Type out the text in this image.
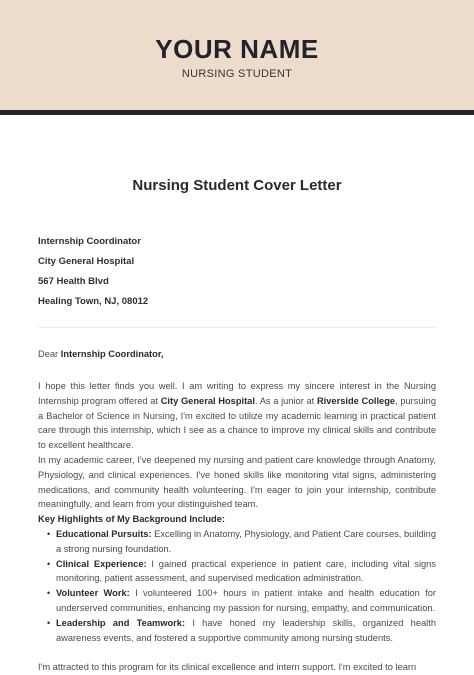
YOUR NAME
NURSING STUDENT
Nursing Student Cover Letter
Internship Coordinator
City General Hospital
567 Health Blvd
Healing Town, NJ, 08012
Dear Internship Coordinator,
I hope this letter finds you well. I am writing to express my sincere interest in the Nursing Internship program offered at City General Hospital. As a junior at Riverside College, pursuing a Bachelor of Science in Nursing, I'm excited to utilize my academic learning in practical patient care through this internship, which I see as a chance to improve my clinical skills and contribute to excellent healthcare.
In my academic career, I've deepened my nursing and patient care knowledge through Anatomy, Physiology, and clinical experiences. I've honed skills like monitoring vital signs, administering medications, and community health volunteering. I'm eager to join your internship, contribute meaningfully, and learn from your distinguished team.
Key Highlights of My Background Include:
• Educational Pursuits: Excelling in Anatomy, Physiology, and Patient Care courses, building a strong nursing foundation.
• Clinical Experience: I gained practical experience in patient care, including vital signs monitoring, patient assessment, and supervised medication administration.
• Volunteer Work: I volunteered 100+ hours in patient intake and health education for underserved communities, enhancing my passion for nursing, empathy, and communication.
• Leadership and Teamwork: I have honed my leadership skills, organized health awareness events, and fostered a supportive community among nursing students.
I'm attracted to this program for its clinical excellence and intern support. I'm excited to learn
